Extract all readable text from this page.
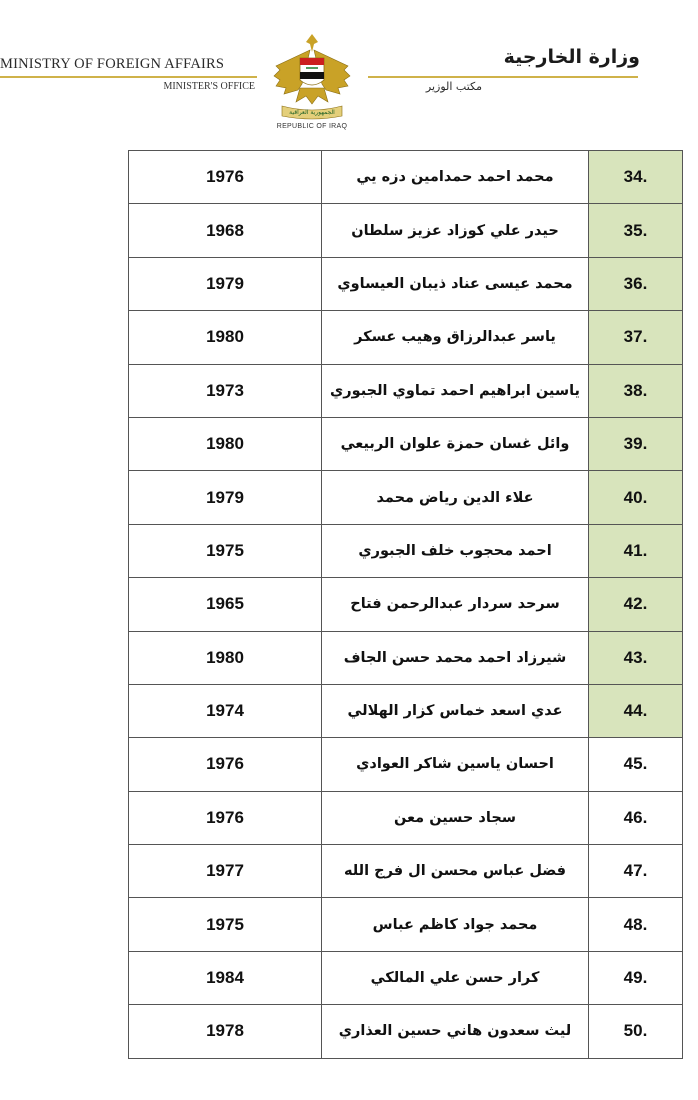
MINISTRY OF FOREIGN AFFAIRS
MINISTER'S OFFICE
الجمهورية العراقية
REPUBLIC OF IRAQ
وزارة الخارجية
مكتب الوزير
1976	محمد احمد حمدامين دزه يي	34.
1968	حيدر علي كوزاد عزيز سلطان	35.
1979	محمد عيسى عناد ذيبان العيساوي	36.
1980	ياسر عبدالرزاق وهيب عسكر	37.
1973	ياسين ابراهيم احمد تماوي الجبوري	38.
1980	وائل غسان حمزة علوان الربيعي	39.
1979	علاء الدين رياض محمد	40.
1975	احمد محجوب خلف الجبوري	41.
1965	سرحد سردار عبدالرحمن فتاح	42.
1980	شيرزاد احمد محمد حسن الجاف	43.
1974	عدي اسعد خماس كزار الهلالي	44.
1976	احسان ياسين شاكر العوادي	45.
1976	سجاد حسين معن	46.
1977	فضل عباس محسن ال فرج الله	47.
1975	محمد جواد كاظم عباس	48.
1984	كرار حسن علي المالكي	49.
1978	ليث سعدون هاني حسين العذاري	50.
